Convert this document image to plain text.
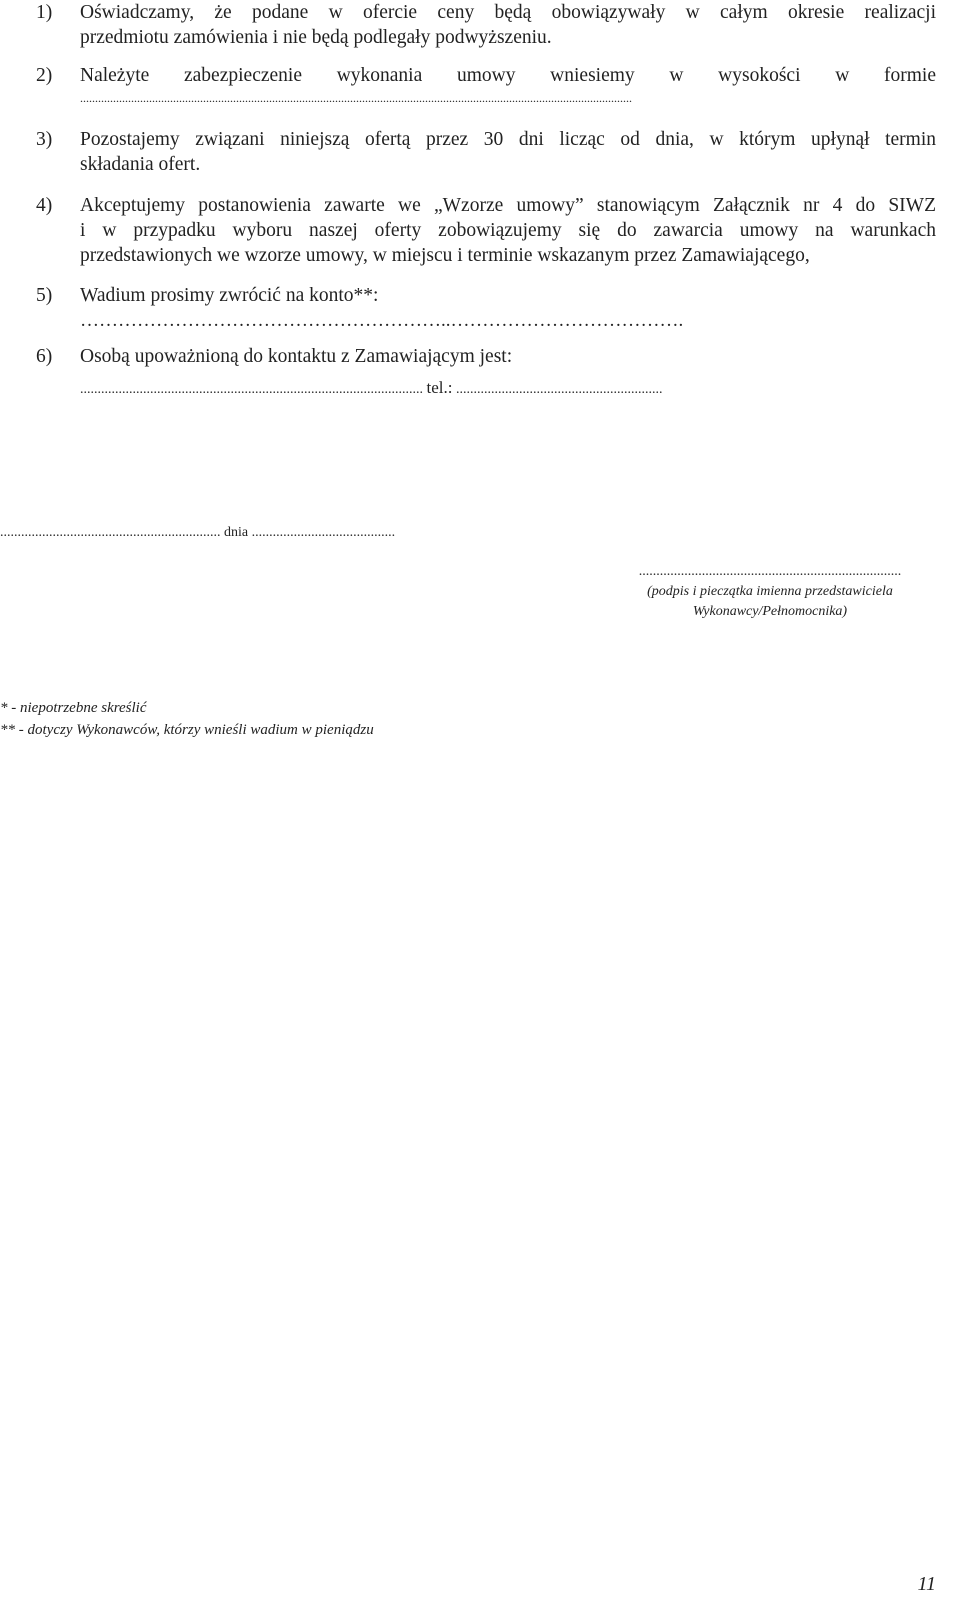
1)	Oświadczamy, że podane w ofercie ceny będą obowiązywały w całym okresie realizacji
przedmiotu zamówienia i nie będą podlegały podwyższeniu.
2)	Należyte zabezpieczenie wykonania umowy wniesiemy w wysokości w formie
........................................................................................................................................................................................
3)	Pozostajemy związani niniejszą ofertą przez 30 dni licząc od dnia, w którym upłynął termin
składania ofert.
4)	Akceptujemy postanowienia zawarte we „Wzorze umowy” stanowiącym Załącznik nr 4 do SIWZ
i w przypadku wyboru naszej oferty zobowiązujemy się do zawarcia umowy na warunkach
przedstawionych we wzorze umowy, w miejscu i terminie wskazanym przez Zamawiającego,
5)	Wadium prosimy zwrócić na konto**:
…………………………………………………..……………………………….
6)	Osobą upoważnioną do kontaktu z Zamawiającym jest:
.................................................................................................. tel.: ...........................................................
............................................................... dnia .........................................
...........................................................................
(podpis i pieczątka imienna przedstawiciela
Wykonawcy/Pełnomocnika)
* - niepotrzebne skreślić
** - dotyczy Wykonawców, którzy wnieśli wadium w pieniądzu
11
